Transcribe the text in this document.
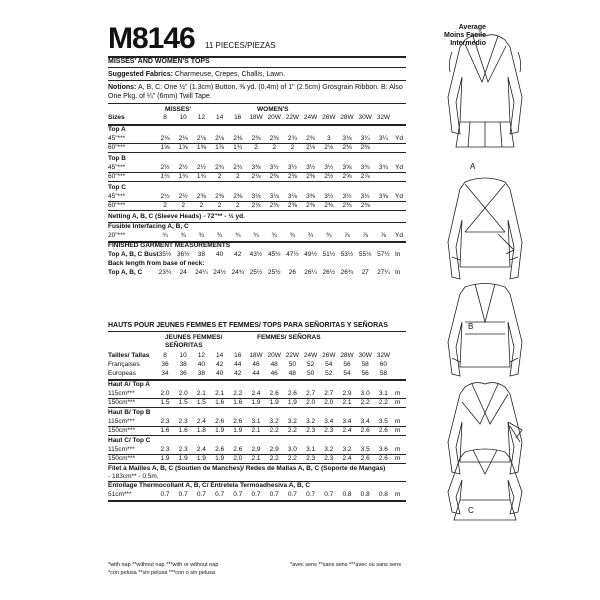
M8146 11 PIECES/PIEZAS
Average
Moins Facile
Intermedio
MISSES' AND WOMEN'S TOPS
Suggested Fabrics: Charmeuse, Crepes, Challis, Lawn.
Notions: A, B, C: One ½" (1.3cm) Button, ⅜ yd. (0.4m) of 1" (2.5cm) Grosgrain Ribbon. B: Also
One Pkg. of ¼" (6mm) Twill Tape.
MISSES'	WOMEN'S
Sizes	8	10	12	14	16	18W 20W 22W 24W 26W 28W 30W 32W
Top A
45"***	2⅛	2⅛	2⅛	2⅛	2⅜	2⅜	2⅜	2¾	2¾	3	3⅛	3¼	3¼	Yd
60"***	1⅝	1⅝	1⅝	1⅞	1¾	2	2	2	2⅛	2⅛	2⅜	2⅜
Top B
45"***	2½	2½	2½	2¾	2¾	3⅜	3½	3½	3½	3½	3⅝	3¾	3¾	Yd
60"***	1¾	1¾	1¾	2	2	2⅛	2⅜	2⅜	2⅜	2½	2⅝	2⅞
Top C
45"***	2½	2½	2⅜	2⅜	2⅜	3⅛	3⅛	3⅛	3⅜	3½	3½	3½	3⅝	Yd
60"***	2	2	2	2	2	2⅛	2⅜	2⅜	2⅜	2⅜	2⅜	2⅜
Netting A, B, C (Sleeve Heads) - 72"** - ½ yd.
Fusible Interfacing A, B, C
20"***	¾	¾	¾	¾	¾	¾	¾	¾	¾	¾	⅞	⅞	⅞	Yd
FINISHED GARMENT MEASUREMENTS
Top A, B, C Bust 35½ 36½	38	40	42	43½ 45½ 47½ 49½ 51½ 53½ 55½ 57½ In
Back length from base of neck:
Top A, B, C	23¾	24	24¼ 24½ 24¾ 25½ 25½	26	26¼ 26½ 26¾	27	27¼ In
HAUTS POUR JEUNES FEMMES ET FEMMES/ TOPS PARA SEÑORITAS Y SEÑORAS
JEUNES FEMMES/	FEMMES/ SEÑORAS
SEÑORITAS
Tailles/ Tallas	8	10	12	14	16	18W 20W 22W 24W 26W 28W 30W 32W
Françaises	36	38	40	42	44	46	48	50	52	54	56	58	60
Europeas	34	36	38	40	42	44	46	48	50	52	54	56	58
Haut A/ Top A
115cm***	2.0	2.0	2.1	2.1	2.2	2.4	2.6	2.6	2.7	2.7	2.9	3.0	3.1	m
150cm***	1.5	1.5	1.5	1.6	1.6	1.9	1.9	1.9	2.0	2.0	2.1	2.2	2.2	m
Haut B/ Top B
115cm***	2.3	2.3	2.4	2.6	2.6	3.1	3.2	3.2	3.2	3.4	3.4	3.4	3.5	m
150cm***	1.6	1.6	1.8	1.9	1.9	2.1	2.2	2.2	2.3	2.3	2.4	2.6	2.6	m
Haut C/ Top C
115cm***	2.3	2.3	2.4	2.6	2.6	2.9	2.9	3.0	3.1	3.2	3.2	3.5	3.6	m
150cm***	1.9	1.9	1.9	1.9	2.0	2.1	2.2	2.2	2.3	2.3	2.4	2.6	2.6	m
Filet à Mailles A, B, C (Soutien de Manches)/ Redes de Mallas A, B, C (Soporte de Mangas)
- 183cm** - 0.5m.
Entoilage Thermocollant A, B, C/ Entretela Termoadhesiva A, B, C
51cm***	0.7	0.7	0.7	0.7	0.7	0.7	0.7	0.7	0.7	0.7	0.8	0.8	0.8	m
*with nap **without nap ***with or without nap
*con pelusa **sin pelusa ***con o sin pelusa
*avec sens **sans sens ***avec ou sans sens
A
B
C
